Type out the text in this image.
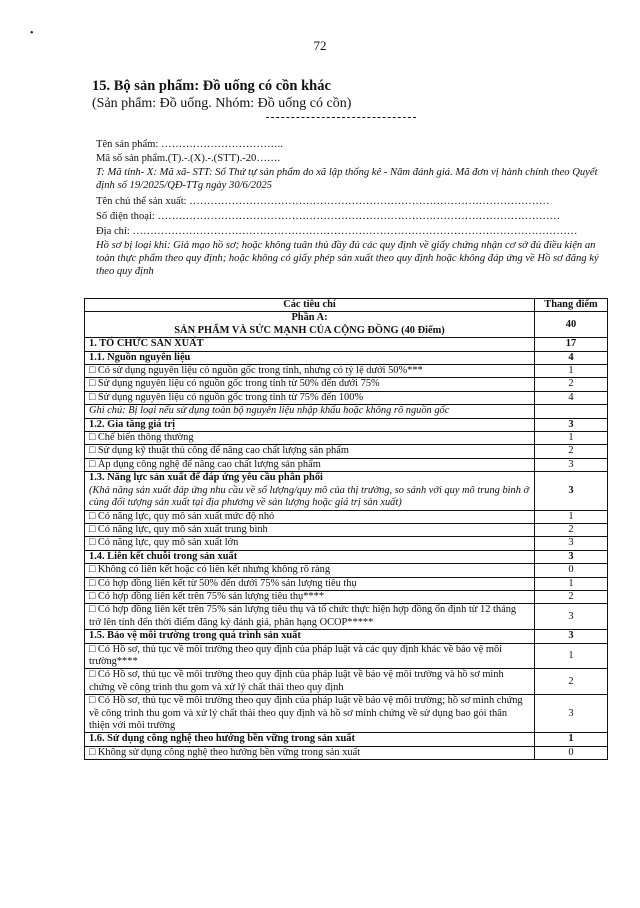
•
72
15. Bộ sản phẩm: Đồ uống có cồn khác
(Sản phẩm: Đồ uống. Nhóm: Đồ uống có cồn)
Tên sản phẩm: ……………………………..
Mã số sản phẩm.(T).-.(X).-.(STT).-20…….
T: Mã tỉnh- X: Mã xã- STT: Số Thứ tự sản phẩm do xã lập thống kê - Năm đánh giá. Mã đơn vị hành chính theo Quyết định số 19/2025/QĐ-TTg ngày 30/6/2025
Tên chủ thể sản xuất: …………………………………………………………………………………………
Số điện thoại: ……………………………………………………………………………………………………
Địa chỉ: ………………………………………………………………………………………………………………
Hồ sơ bị loại khi: Giả mạo hồ sơ; hoặc không tuân thủ đầy đủ các quy định về giấy chứng nhận cơ sở đủ điều kiện an toàn thực phẩm theo quy định; hoặc không có giấy phép sản xuất theo quy định hoặc không đáp ứng về Hồ sơ đăng ký theo quy định
Các tiêu chí	Thang điểm

Phần A:
SẢN PHẨM VÀ SỨC MẠNH CỦA CỘNG ĐỒNG (40 Điểm)	40

1. TỔ CHỨC SẢN XUẤT	17

1.1. Nguồn nguyên liệu	4

□ Có sử dụng nguyên liệu có nguồn gốc trong tỉnh, nhưng có tỷ lệ dưới 50%***	1

□ Sử dụng nguyên liệu có nguồn gốc trong tỉnh từ 50% đến dưới 75%	2

□ Sử dụng nguyên liệu có nguồn gốc trong tỉnh từ 75% đến 100%	4

Ghi chú: Bị loại nếu sử dụng toàn bộ nguyên liệu nhập khẩu hoặc không rõ nguồn gốc	

1.2. Gia tăng giá trị	3

□ Chế biến thông thường	1

□ Sử dụng kỹ thuật thủ công để nâng cao chất lượng sản phẩm	2

□ Áp dụng công nghệ để nâng cao chất lượng sản phẩm	3

1.3. Năng lực sản xuất để đáp ứng yêu cầu phân phối
(Khả năng sản xuất đáp ứng nhu cầu về số lượng/quy mô của thị trường, so sánh với quy mô trung bình ở cùng đối tượng sản xuất tại địa phương về sản lượng hoặc giá trị sản xuất)	3

□ Có năng lực, quy mô sản xuất mức độ nhỏ	1

□ Có năng lực, quy mô sản xuất trung bình	2

□ Có năng lực, quy mô sản xuất lớn	3

1.4. Liên kết chuỗi trong sản xuất	3

□ Không có liên kết hoặc có liên kết nhưng không rõ ràng	0

□ Có hợp đồng liên kết từ 50% đến dưới 75% sản lượng tiêu thụ	1

□ Có hợp đồng liên kết trên 75% sản lượng tiêu thụ****	2

□ Có hợp đồng liên kết trên 75% sản lượng tiêu thụ và tổ chức thực hiện hợp đồng ổn định từ 12 tháng trở lên tính đến thời điểm đăng ký đánh giá, phân hạng OCOP*****	3

1.5. Bảo vệ môi trường trong quá trình sản xuất	3

□ Có Hồ sơ, thủ tục về môi trường theo quy định của pháp luật và các quy định khác về bảo vệ môi trường****	1

□ Có Hồ sơ, thủ tục về môi trường theo quy định của pháp luật về bảo vệ môi trường và hồ sơ minh chứng về công trình thu gom và xử lý chất thải theo quy định	2

□ Có Hồ sơ, thủ tục về môi trường theo quy định của pháp luật về bảo vệ môi trường; hồ sơ minh chứng về công trình thu gom và xử lý chất thải theo quy định và hồ sơ minh chứng về sử dụng bao gói thân thiện với môi trường	3

1.6. Sử dụng công nghệ theo hướng bền vững trong sản xuất	1

□ Không sử dụng công nghệ theo hướng bền vững trong sản xuất	0
